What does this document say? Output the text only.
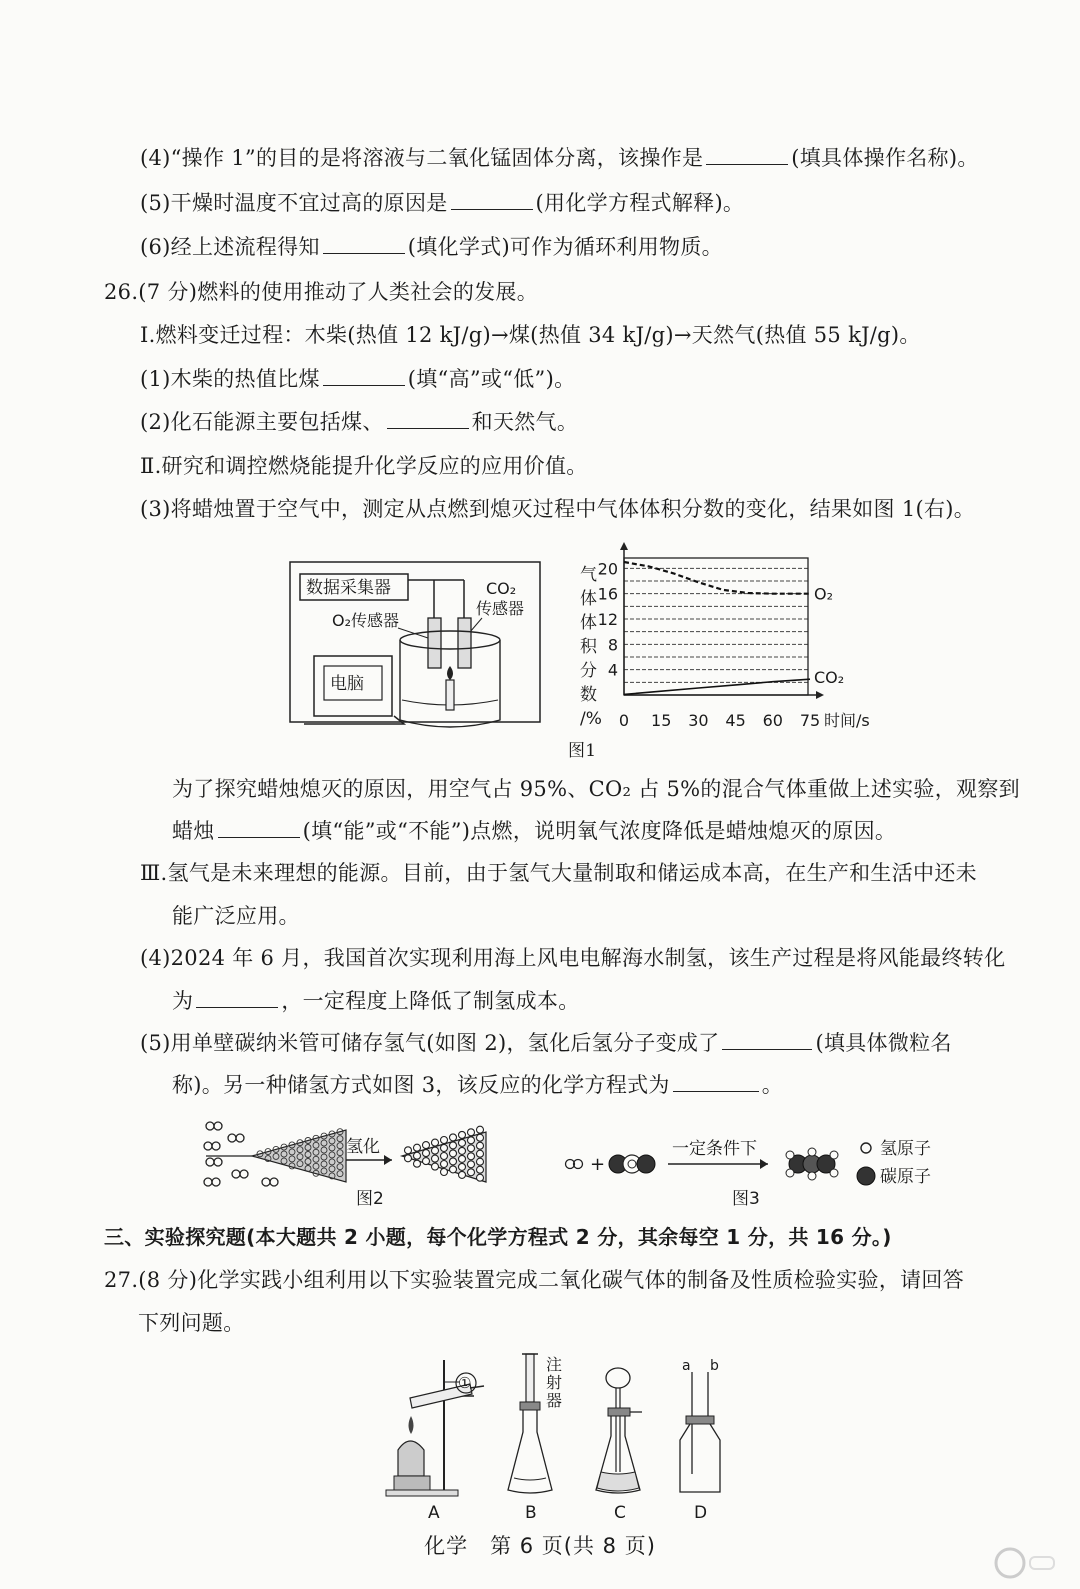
(4)“操作 1”的目的是将溶液与二氧化锰固体分离，该操作是	(填具体操作名称)。
(5)干燥时温度不宜过高的原因是	(用化学方程式解释)。
(6)经上述流程得知	(填化学式)可作为循环利用物质。
26.(7 分)燃料的使用推动了人类社会的发展。
Ⅰ.燃料变迁过程：木柴(热值 12 kJ/g)→煤(热值 34 kJ/g)→天然气(热值 55 kJ/g)。
(1)木柴的热值比煤	(填“高”或“低”)。
(2)化石能源主要包括煤、	和天然气。
Ⅱ.研究和调控燃烧能提升化学反应的应用价值。
(3)将蜡烛置于空气中，测定从点燃到熄灭过程中气体体积分数的变化，结果如图 1(右)。
数据采集器
电脑
O₂传感器
CO₂
传感器
气
体
体
积
分
数
/%
4
8
12
16
20
0 15 30 45 60 75
O₂
CO₂
时间/s
图1
为了探究蜡烛熄灭的原因，用空气占 95%、CO₂ 占 5%的混合气体重做上述实验，观察到
蜡烛	(填“能”或“不能”)点燃，说明氧气浓度降低是蜡烛熄灭的原因。
Ⅲ.氢气是未来理想的能源。目前，由于氢气大量制取和储运成本高，在生产和生活中还未
能广泛应用。
(4)2024 年 6 月，我国首次实现利用海上风电电解海水制氢，该生产过程是将风能最终转化
为	，一定程度上降低了制氢成本。
(5)用单壁碳纳米管可储存氢气(如图 2)，氢化后氢分子变成了	(填具体微粒名
称)。另一种储氢方式如图 3，该反应的化学方程式为	。
氢化
图2
+
一定条件下	氢原子
碳原子
图3
三、实验探究题(本大题共 2 小题，每个化学方程式 2 分，其余每空 1 分，共 16 分。)
27.(8 分)化学实践小组利用以下实验装置完成二氧化碳气体的制备及性质检验实验，请回答
下列问题。
①
A
注
射
器
B	C
a b
D
化学　第 6 页(共 8 页)
